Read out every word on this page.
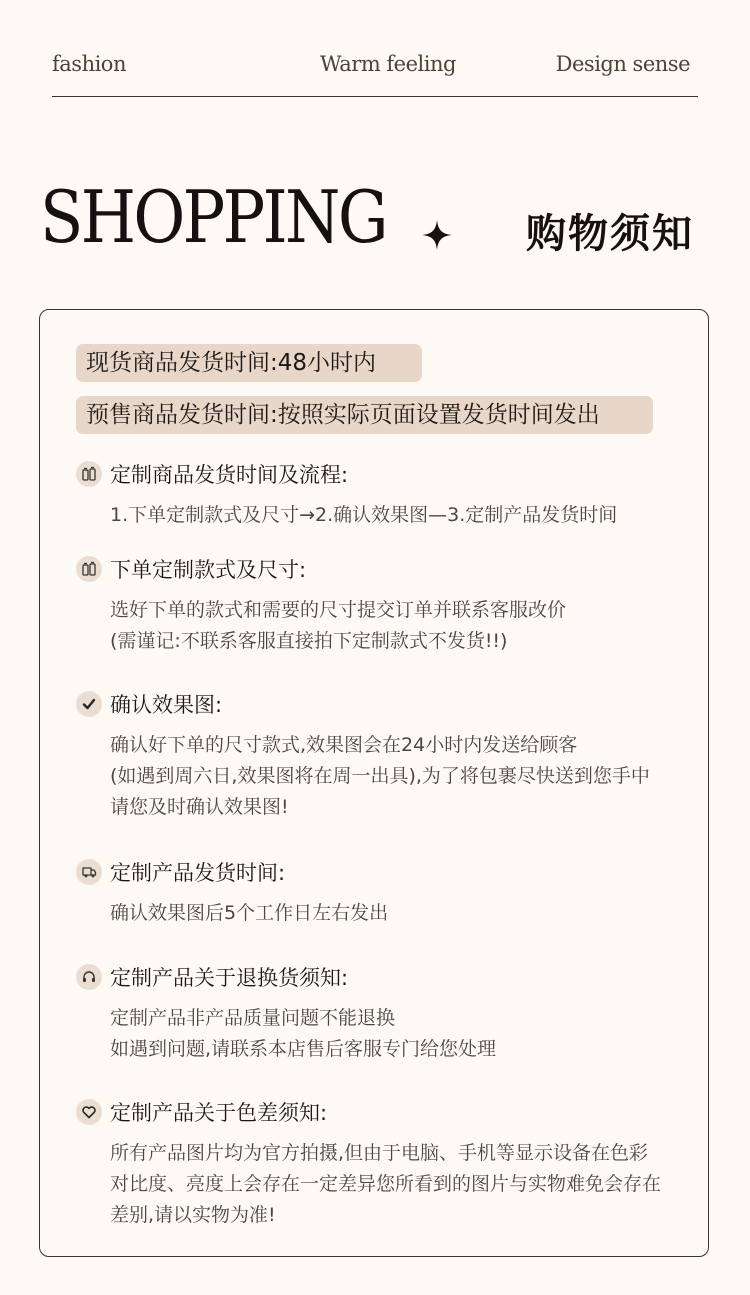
fashion	Warm feeling	Design sense
SHOPPING	购物须知
现货商品发货时间:48小时内
预售商品发货时间:按照实际页面设置发货时间发出
定制商品发货时间及流程:
1.下单定制款式及尺寸→2.确认效果图—3.定制产品发货时间
下单定制款式及尺寸:
选好下单的款式和需要的尺寸提交订单并联系客服改价
(需谨记:不联系客服直接拍下定制款式不发货!!)
确认效果图:
确认好下单的尺寸款式,效果图会在24小时内发送给顾客
(如遇到周六日,效果图将在周一出具),为了将包裹尽快送到您手中
请您及时确认效果图!
定制产品发货时间:
确认效果图后5个工作日左右发出
定制产品关于退换货须知:
定制产品非产品质量问题不能退换
如遇到问题,请联系本店售后客服专门给您处理
定制产品关于色差须知:
所有产品图片均为官方拍摄,但由于电脑、手机等显示设备在色彩
对比度、亮度上会存在一定差异您所看到的图片与实物难免会存在
差别,请以实物为准!
